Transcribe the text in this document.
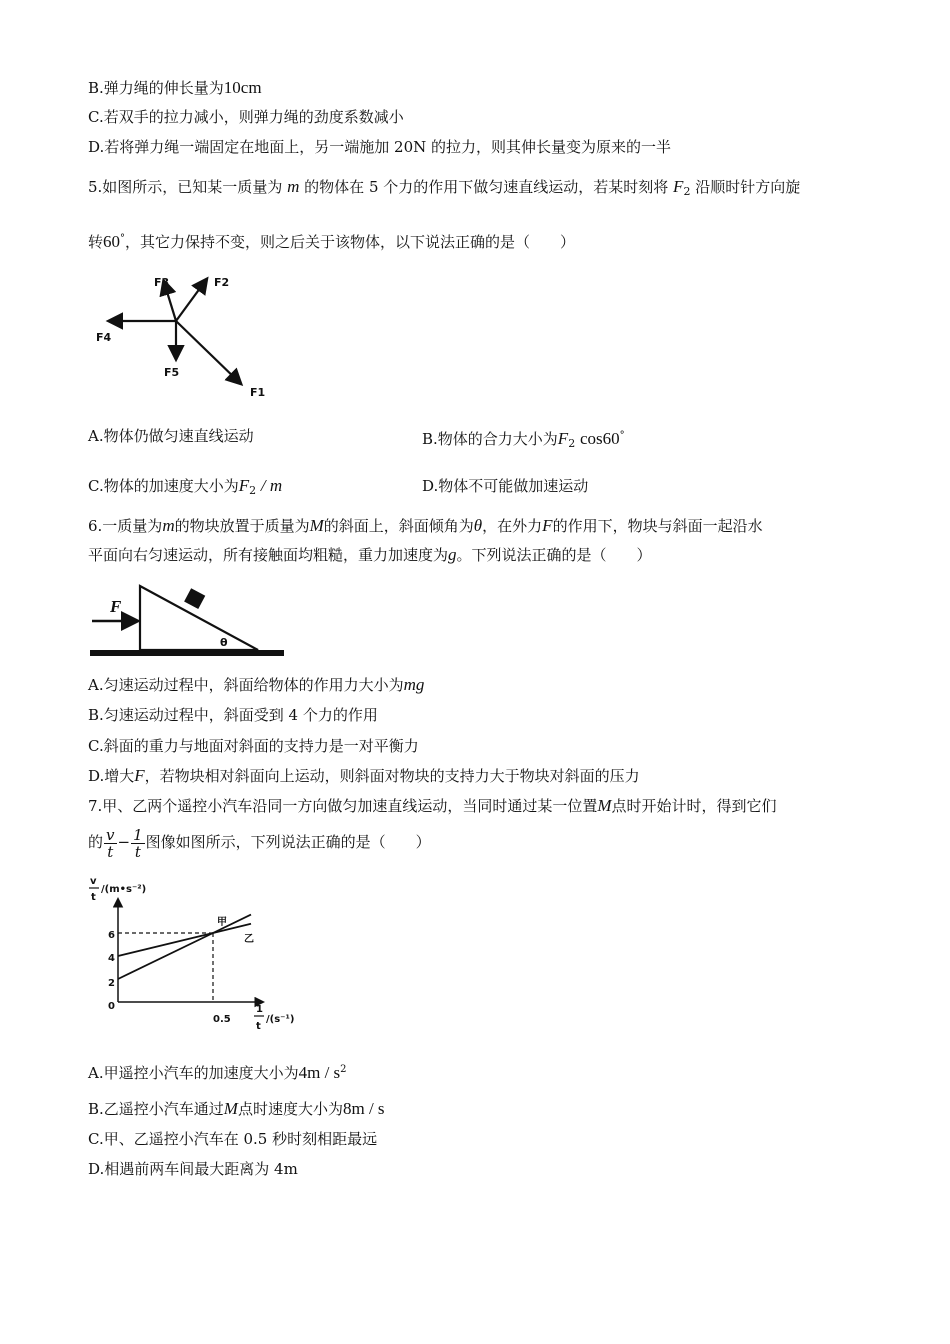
B.弹力绳的伸长量为10cm
C.若双手的拉力减小，则弹力绳的劲度系数减小
D.若将弹力绳一端固定在地面上，另一端施加 20N 的拉力，则其伸长量变为原来的一半
5.如图所示，已知某一质量为 m 的物体在 5 个力的作用下做匀速直线运动，若某时刻将 $F_2$ 沿顺时针方向旋
转60°，其它力保持不变，则之后关于该物体，以下说法正确的是（　　）
F3	F2
F4
F5
F1
A.物体仍做匀速直线运动	B.物体的合力大小为$F_2$ cos60°
C.物体的加速度大小为$F_2$ / m	D.物体不可能做加速运动
6.一质量为m的物块放置于质量为M的斜面上，斜面倾角为θ，在外力F的作用下，物块与斜面一起沿水
平面向右匀速运动，所有接触面均粗糙，重力加速度为g。下列说法正确的是（　　）
F
θ
A.匀速运动过程中，斜面给物体的作用力大小为mg
B.匀速运动过程中，斜面受到 4 个力的作用
C.斜面的重力与地面对斜面的支持力是一对平衡力
D.增大F，若物块相对斜面向上运动，则斜面对物块的支持力大于物块对斜面的压力
7.甲、乙两个遥控小汽车沿同一方向做匀加速直线运动，当同时通过某一位置M点时开始计时，得到它们
的 $\frac{v}{t} - \frac{1}{t}$ 图像如图所示，下列说法正确的是（　　）
v
t
/(m•s⁻²)
1
t
/(s⁻¹)
甲
乙
6
4
2
0
0.5
A.甲遥控小汽车的加速度大小为$4m / s^2$
B.乙遥控小汽车通过M点时速度大小为8m / s
C.甲、乙遥控小汽车在 0.5 秒时刻相距最远
D.相遇前两车间最大距离为 4m
